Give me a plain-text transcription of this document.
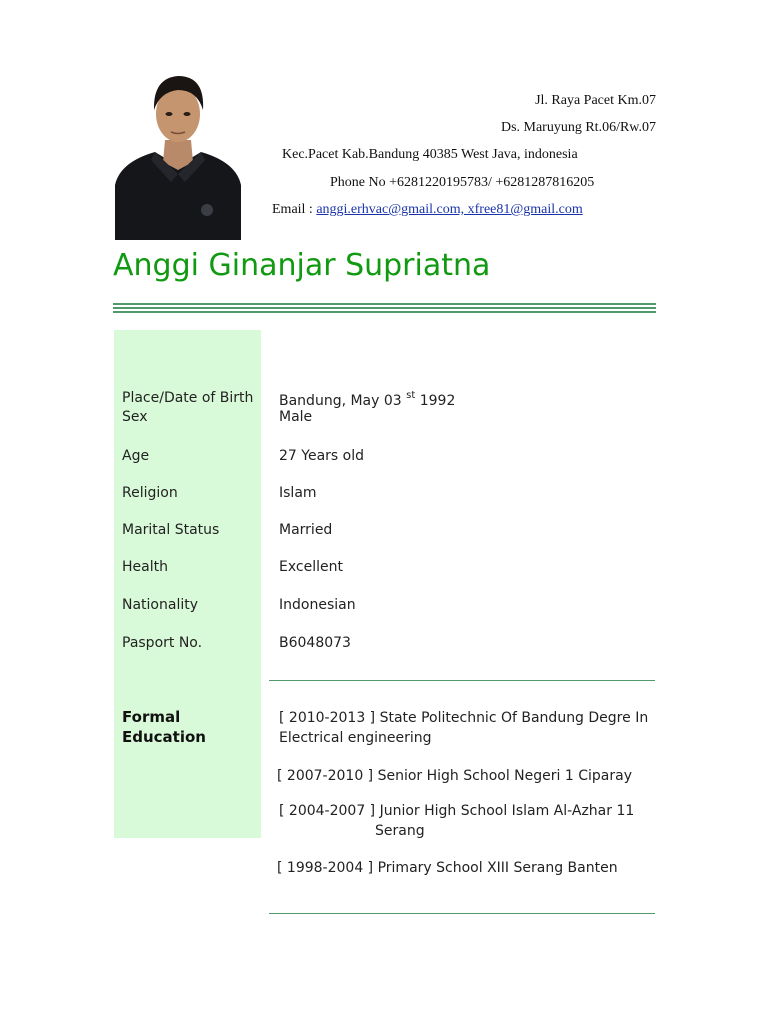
Jl. Raya Pacet Km.07
Ds. Maruyung Rt.06/Rw.07
Kec.Pacet Kab.Bandung 40385 West Java, indonesia
Phone No +6281220195783/ +6281287816205
Email : anggi.erhvac@gmail.com, xfree81@gmail.com
Anggi Ginanjar Supriatna
Place/Date of Birth Bandung, May 03 $^{st}$ 1992
Sex	Male
Age	27 Years old
Religion	Islam
Marital Status	Married
Health	Excellent
Nationality	Indonesian
Pasport No.	B6048073
Formal
Education
[ 2010-2013 ] State Politechnic Of Bandung Degre In
Electrical engineering
[ 2007-2010 ] Senior High School Negeri 1 Ciparay
[ 2004-2007 ] Junior High School Islam Al-Azhar 11
Serang
[ 1998-2004 ] Primary School XIII Serang Banten
